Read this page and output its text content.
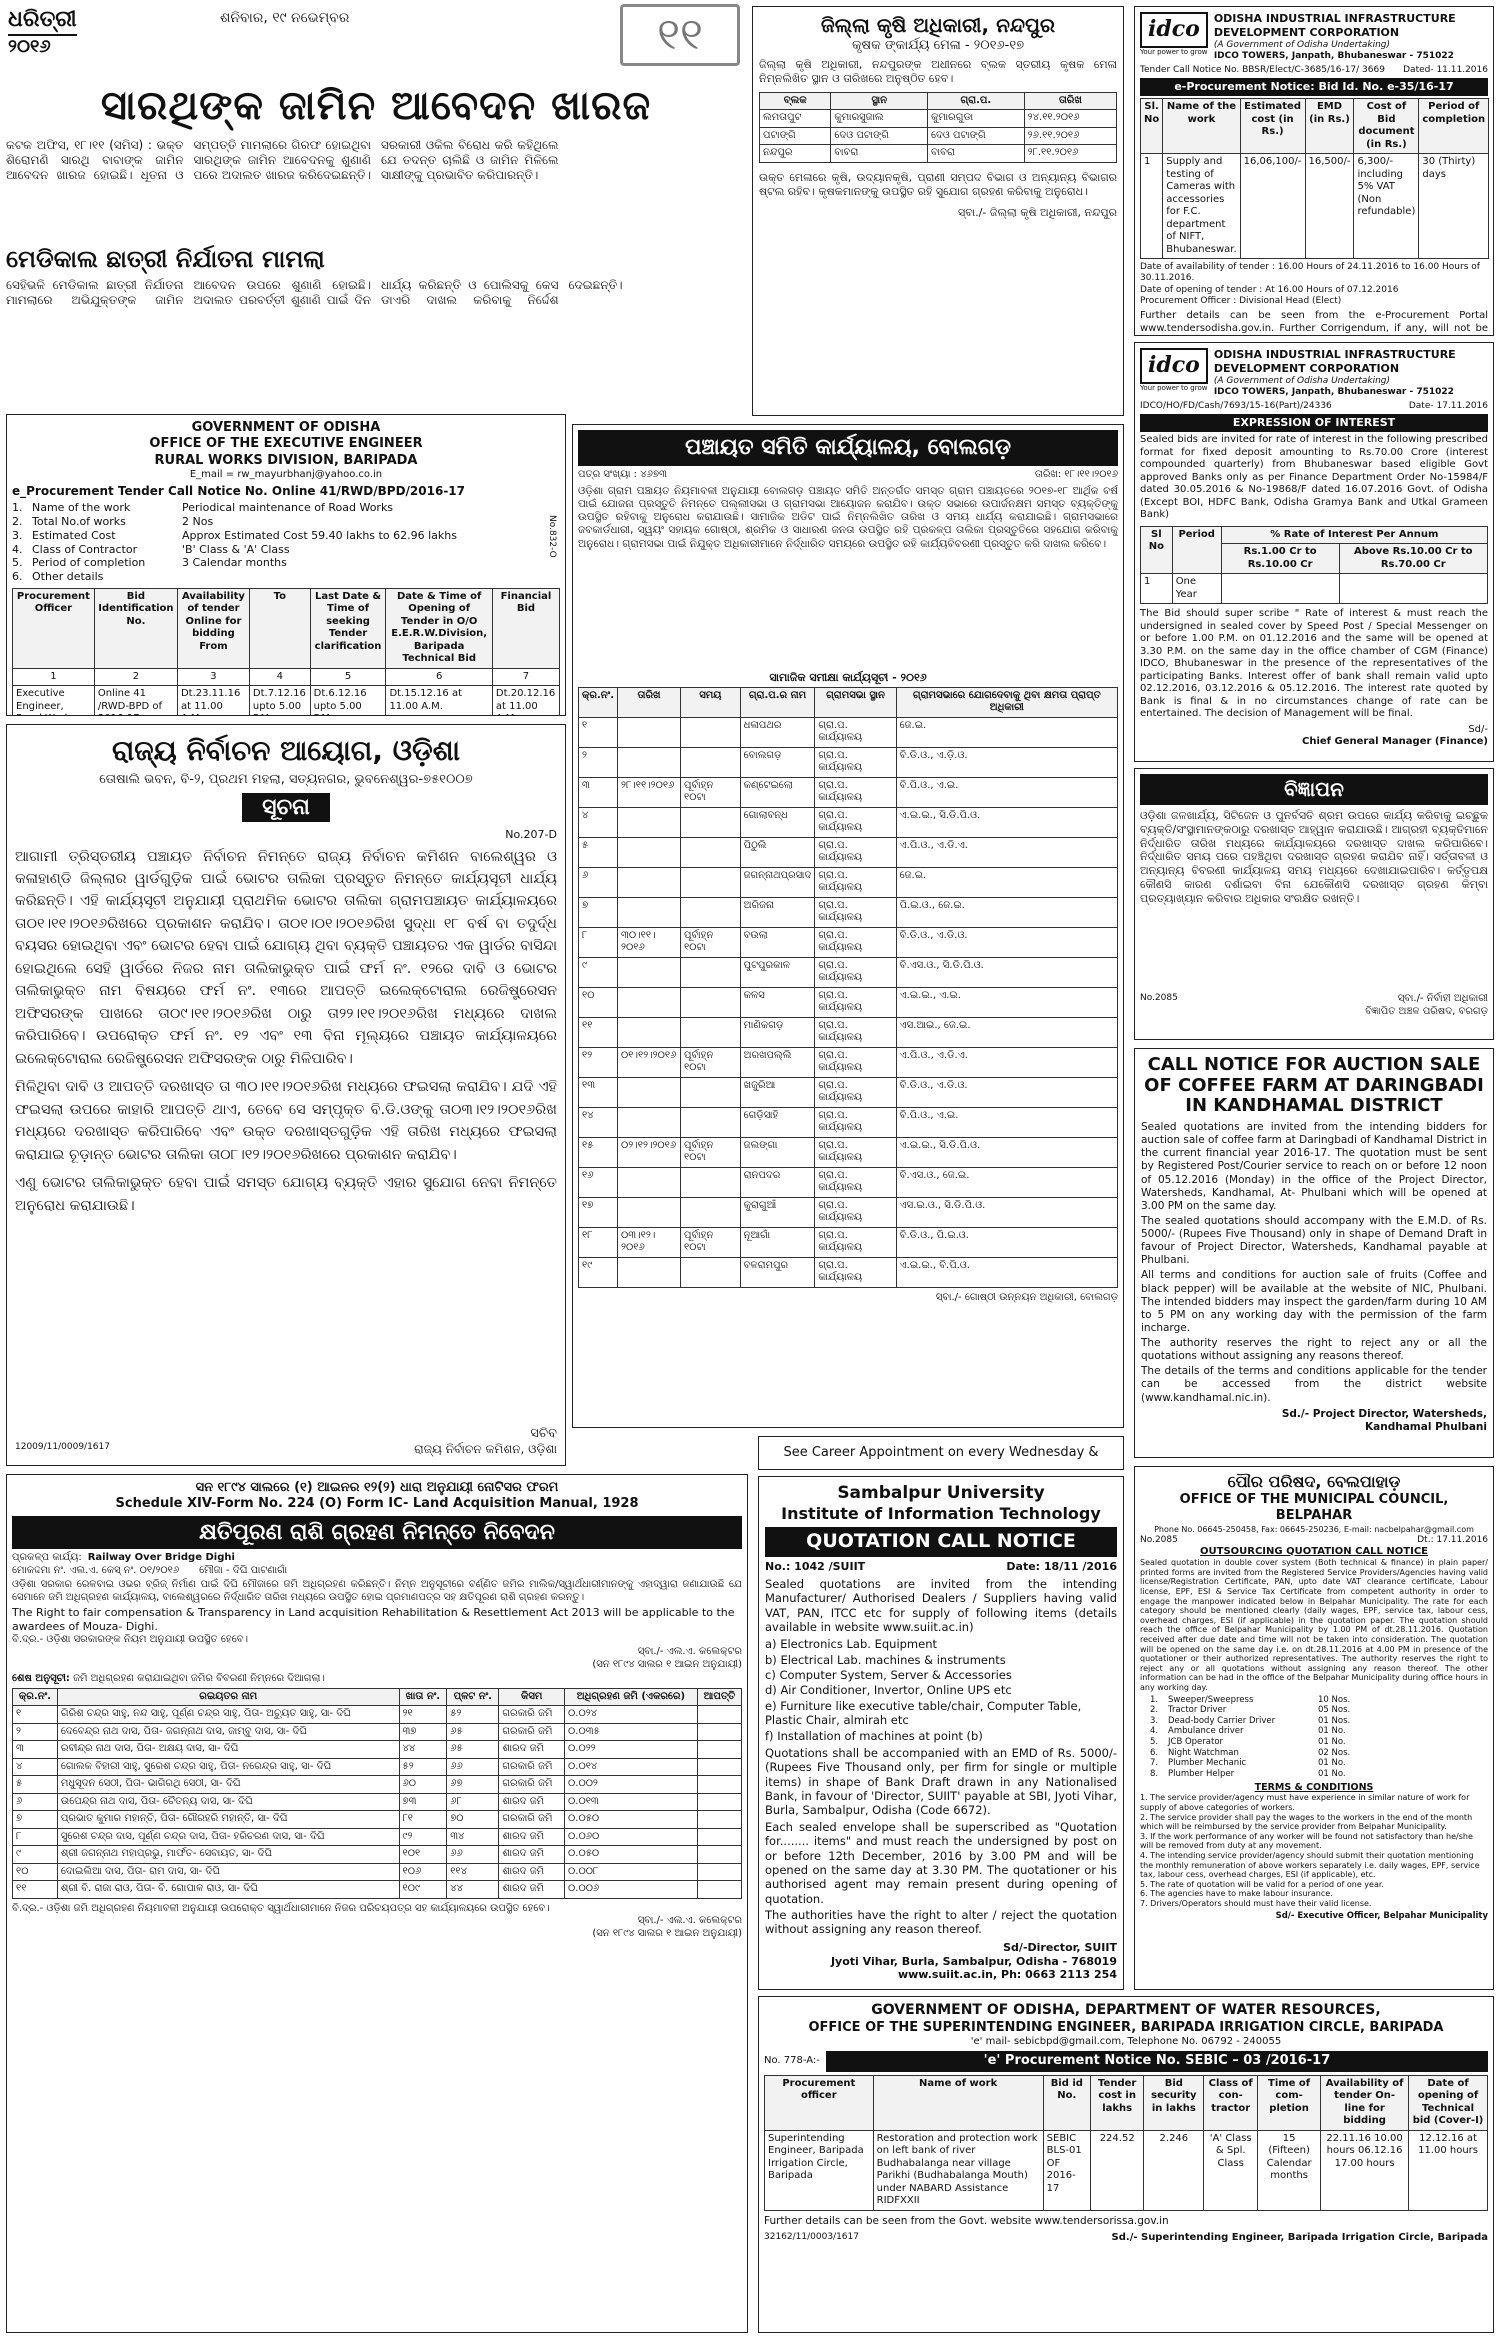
ଧରିତ୍ରୀ
୨୦୧୬
ଶନିବାର, ୧୯ ନଭେମ୍ବର	୧୧
ସାରଥିଙ୍କ ଜାମିନ ଆବେଦନ ଖାରଜ
କଟକ ଅଫିସ, ୧୮।୧୧ (ସମିସ) : ଭକ୍ତ ଶିରୋମଣି ସାରଥି ବାବାଙ୍କ ଜାମିନ ଆବେଦନ ଖାରଜ ହୋଇଛି। ଧୂତନା ଓ ସମ୍ପତ୍ତି ମାମଲାରେ ଗିରଫ ହୋଇଥିବା ସାରଥିଙ୍କ ଜାମିନ ଆବେଦନକୁ ଶୁଣାଣି ପରେ ଅଦାଲତ ଖାରଜ କରିଦେଇଛନ୍ତି। ସରକାରୀ ଓକିଲ ବିରୋଧ କରି କହିଥିଲେ ଯେ ତଦନ୍ତ ଚାଲିଛି ଓ ଜାମିନ ମିଳିଲେ ସାକ୍ଷୀଙ୍କୁ ପ୍ରଭାବିତ କରିପାରନ୍ତି।
ମେଡିକାଲ ଛାତ୍ରୀ ନିର୍ଯାତନା ମାମଲା
ସେହିଭଳି ମେଡିକାଲ ଛାତ୍ରୀ ନିର୍ଯାତନା ମାମଲାରେ ଅଭିଯୁକ୍ତଙ୍କ ଜାମିନ ଆବେଦନ ଉପରେ ଶୁଣାଣି ହୋଇଛି। ଅଦାଲତ ପରବର୍ତ୍ତୀ ଶୁଣାଣି ପାଇଁ ଦିନ ଧାର୍ଯ୍ୟ କରିଛନ୍ତି ଓ ପୋଲିସକୁ କେସ ଡାଏରି ଦାଖଲ କରିବାକୁ ନିର୍ଦ୍ଦେଶ ଦେଇଛନ୍ତି।
ଜିଲ୍ଲା କୃଷି ଅଧିକାରୀ, ନନ୍ଦପୁର
କୃଷକ ଙ୍କାର୍ଯ୍ୟ ମେଳା - ୨୦୧୬-୧୭
ଜିଲ୍ଲା କୃଷି ଅଧିକାରୀ, ନନ୍ଦପୁରଙ୍କ ଅଧୀନରେ ବ୍ଲକ ସ୍ତରୀୟ କୃଷକ ମେଳା ନିମ୍ନଲିଖିତ ସ୍ଥାନ ଓ ତାରିଖରେ ଅନୁଷ୍ଠିତ ହେବ।
ବ୍ଲକ	ସ୍ଥାନ	ଗ୍ରା.ପ.	ତାରିଖ
ଲମତାପୁଟ	କୁମାରସୁଜାଲ	କୁମାରଗୁଡା	୨୪.୧୧.୨୦୧୬
ପଟାଙ୍ଗି	ଦେଓ ପଟାଙ୍ଗି	ଦେଓ ପଟାଙ୍ଗି	୨୬.୧୧.୨୦୧୬
ନନ୍ଦପୁର	ବାବରା	ବାବରା	୨୮.୧୧.୨୦୧୬
ଉକ୍ତ ମେଳାରେ କୃଷି, ଉଦ୍ୟାନକୃଷି, ପ୍ରାଣୀ ସମ୍ପଦ ବିଭାଗ ଓ ଅନ୍ୟାନ୍ୟ ବିଭାଗର ଷ୍ଟଲ ରହିବ। କୃଷକମାନଙ୍କୁ ଉପସ୍ଥିତ ରହି ସୁଯୋଗ ଗ୍ରହଣ କରିବାକୁ ଅନୁରୋଧ।
ସ୍ବା./- ଜିଲ୍ଲା କୃଷି ଅଧିକାରୀ, ନନ୍ଦପୁର
idco
Your power to grow
ODISHA INDUSTRIAL INFRASTRUCTURE DEVELOPMENT CORPORATION
(A Government of Odisha Undertaking)
IDCO TOWERS, Janpath, Bhubaneswar - 751022
Tender Call Notice No. BBSR/Elect/C-3685/16-17/ 3669 Dated- 11.11.2016
e-Procurement Notice: Bid Id. No. e-35/16-17
Sl. No	Name of the work	Estimated cost (in Rs.)	EMD (in Rs.)	Cost of Bid document (in Rs.)	Period of completion
1	Supply and testing of Cameras with accessories for F.C. department of NIFT, Bhubaneswar.	16,06,100/-	16,500/-	6,300/- including 5% VAT (Non refundable)	30 (Thirty) days
Date of availability of tender : 16.00 Hours of 24.11.2016 to 16.00 Hours of 30.11.2016.
Date of opening of tender : At 16.00 Hours of 07.12.2016
Procurement Officer : Divisional Head (Elect)
Further details can be seen from the e-Procurement Portal www.tendersodisha.gov.in. Further Corrigendum, if any, will not be
idco
Your power to grow
ODISHA INDUSTRIAL INFRASTRUCTURE DEVELOPMENT CORPORATION
(A Government of Odisha Undertaking)
IDCO TOWERS, Janpath, Bhubaneswar - 751022
IDCO/HO/FD/Cash/7693/15-16(Part)/24336	Date- 17.11.2016
EXPRESSION OF INTEREST
Sealed bids are invited for rate of interest in the following prescribed format for fixed deposit amounting to Rs.70.00 Crore (interest compounded quarterly) from Bhubaneswar based eligible Govt approved Banks only as per Finance Department Order No-15984/F dated 30.05.2016 & No-19868/F dated 16.07.2016 Govt. of Odisha (Except BOI, HDFC Bank, Odisha Gramya Bank and Utkal Grameen Bank)
Sl No	Period	% Rate of Interest Per Annum	
		Rs.1.00 Cr to Rs.10.00 Cr	Above Rs.10.00 Cr to Rs.70.00 Cr
1	One Year		
The Bid should super scribe " Rate of interest & must reach the undersigned in sealed cover by Speed Post / Special Messenger on or before 1.00 P.M. on 01.12.2016 and the same will be opened at 3.30 P.M. on the same day in the office chamber of CGM (Finance) IDCO, Bhubaneswar in the presence of the representatives of the participating Banks. Interest offer of bank shall remain valid upto 02.12.2016, 03.12.2016 & 05.12.2016. The interest rate quoted by Bank is final & in no circumstances change of rate can be entertained. The decision of Management will be final.
Sd/-
Chief General Manager (Finance)
GOVERNMENT OF ODISHA
OFFICE OF THE EXECUTIVE ENGINEER
RURAL WORKS DIVISION, BARIPADA
E_mail = rw_mayurbhanj@yahoo.co.in
e_Procurement Tender Call Notice No. Online 41/RWD/BPD/2016-17
No.832-O
1. Name of the work	Periodical maintenance of Road Works
2. Total No.of works	2 Nos
3. Estimated Cost	Approx Estimated Cost 59.40 lakhs to 62.96 lakhs
4. Class of Contractor	'B' Class & 'A' Class
5. Period of completion	3 Calendar months
6. Other details
Procurement Officer	Bid Identification No.	Availability of tender Online for bidding From	To	Last Date & Time of seeking Tender clarification	Date & Time of Opening of Tender in O/O E.E.R.W.Division, Baripada Technical Bid	Financial Bid
1	2	3	4	5	6	7
Executive Engineer,	Online 41 /RWD-BPD of	Dt.23.11.16 at 11.00	Dt.7.12.16 upto 5.00	Dt.6.12.16 upto 5.00	Dt.15.12.16 at 11.00 A.M.	Dt.20.12.16 at 11.00
ପଞ୍ଚାୟତ ସମିତି କାର୍ଯ୍ୟାଳୟ, ବୋଲଗଡ଼
ପତ୍ର ସଂଖ୍ୟା : ୪୬୭୩	ତାରିଖ: ୧୮।୧୧।୨୦୧୬
ଓଡ଼ିଶା ଗ୍ରାମ ପଞ୍ଚାୟତ ନିୟମାବଳୀ ଅନୁଯାୟୀ ବୋଲଗଡ଼ ପଞ୍ଚାୟତ ସମିତି ଅନ୍ତର୍ଗତ ସମସ୍ତ ଗ୍ରାମ ପଞ୍ଚାୟତରେ ୨୦୧୭-୧୮ ଆର୍ଥିକ ବର୍ଷ ପାଇଁ ଯୋଜନା ପ୍ରସ୍ତୁତି ନିମନ୍ତେ ପଲ୍ଲୀସଭା ଓ ଗ୍ରାମସଭା ଆୟୋଜନ କରାଯିବ। ଉକ୍ତ ସଭାରେ ଉପାର୍ଜନକ୍ଷମ ସମସ୍ତ ବ୍ୟକ୍ତିଙ୍କୁ ଉପସ୍ଥିତ ରହିବାକୁ ଅନୁରୋଧ କରାଯାଉଛି। ସାମାଜିକ ଅଡିଟ ପାଇଁ ନିମ୍ନଲିଖିତ ତାରିଖ ଓ ସମୟ ଧାର୍ଯ୍ୟ କରାଯାଇଛି। ଗ୍ରାମସଭାରେ ଜବକାର୍ଡଧାରୀ, ସ୍ୱୟଂ ସହାୟକ ଗୋଷ୍ଠୀ, ଶ୍ରମିକ ଓ ସାଧାରଣ ଜନତା ଉପସ୍ଥିତ ରହି ପ୍ରକଳ୍ପ ତାଲିକା ପ୍ରସ୍ତୁତିରେ ସହଯୋଗ କରିବାକୁ ଅନୁରୋଧ। ଗ୍ରାମସଭା ପାଇଁ ନିଯୁକ୍ତ ଅଧିକାରୀମାନେ ନିର୍ଦ୍ଧାରିତ ସମୟରେ ଉପସ୍ଥିତ ରହି କାର୍ଯ୍ୟବିବରଣୀ ପ୍ରସ୍ତୁତ କରି ଦାଖଲ କରିବେ।
ସାମାଜିକ ସମୀକ୍ଷା କାର୍ଯ୍ୟସୂଚୀ - ୨୦୧୬
କ୍ର.ନଂ.	ତାରିଖ	ସମୟ	ଗ୍ରା.ପ.ର ନାମ	ଗ୍ରାମସଭା ସ୍ଥାନ	ଗ୍ରାମସଭାରେ ଯୋଗଦେବାକୁ ଥିବା କ୍ଷମତା ପ୍ରାପ୍ତ ଅଧିକାରୀ
୧			ଧଳାପଥର	ଗ୍ରା.ପ. କାର୍ଯ୍ୟାଳୟ	ଜେ.ଇ.
୨			ବୋଲଗଡ଼	ଗ୍ରା.ପ. କାର୍ଯ୍ୟାଳୟ	ବି.ଡି.ଓ., ଏ.ଡ଼ି.ଓ.
୩	୨୮।୧୧।୨୦୧୬	ପୂର୍ବାହ୍ନ ୧୦ଟା	କଣ୍ଟେଇଲୋ	ଗ୍ରା.ପ. କାର୍ଯ୍ୟାଳୟ	ବି.ପି.ଓ., ଏ.ଇ.
୪			ଗୋଲାବନ୍ଧ	ଗ୍ରା.ପ. କାର୍ଯ୍ୟାଳୟ	ଏ.ଇ.ଇ., ସି.ଡି.ପି.ଓ.
୫			ପିଠୁଲି	ଗ୍ରା.ପ. କାର୍ଯ୍ୟାଳୟ	ଏ.ପି.ଓ., ଏ.ଡି.ଏ.
୬			ଜଗନ୍ନାଥପ୍ରସାଦ	ଗ୍ରା.ପ. କାର୍ଯ୍ୟାଳୟ	ଜେ.ଇ.
୭			ଅରିଜନା	ଗ୍ରା.ପ. କାର୍ଯ୍ୟାଳୟ	ପି.ଇ.ଓ., ଜେ.ଇ.
୮	୩୦।୧୧।୨୦୧୬	ପୂର୍ବାହ୍ନ ୧୦ଟା	ବଉଲା	ଗ୍ରା.ପ. କାର୍ଯ୍ୟାଳୟ	ବି.ଡି.ଓ., ଏ.ଡି.ଓ.
୯			ପୁଟପୁରକାଳ	ଗ୍ରା.ପ. କାର୍ଯ୍ୟାଳୟ	ବି.ଏସ.ଓ., ସି.ଡି.ପି.ଓ.
୧୦			କଳସ	ଗ୍ରା.ପ. କାର୍ଯ୍ୟାଳୟ	ଏ.ଇ.ଇ., ଏ.ଇ.
୧୧			ମାଣିକଗଡ଼	ଗ୍ରା.ପ. କାର୍ଯ୍ୟାଳୟ	ଏସ.ଆଇ., ଜେ.ଇ.
୧୨	୦୧।୧୨।୨୦୧୬	ପୂର୍ବାହ୍ନ ୧୦ଟା	ଅରଖପଲ୍ଲି	ଗ୍ରା.ପ. କାର୍ଯ୍ୟାଳୟ	ଏ.ପି.ଓ., ଏ.ଡି.ଏ.
୧୩			ଖଜୁରିଆ	ଗ୍ରା.ପ. କାର୍ଯ୍ୟାଳୟ	ବି.ଡି.ଓ., ଏ.ଡି.ଓ.
୧୪			ଗେଡ଼ିସାହି	ଗ୍ରା.ପ. କାର୍ଯ୍ୟାଳୟ	ବି.ପି.ଓ., ଏ.ଇ.
୧୫	୦୨।୧୨।୨୦୧୬	ପୂର୍ବାହ୍ନ ୧୦ଟା	ଜଲଙ୍ଗା	ଗ୍ରା.ପ. କାର୍ଯ୍ୟାଳୟ	ଏ.ଇ.ଇ., ସି.ଡି.ପି.ଓ.
୧୬			ରାନପଦର	ଗ୍ରା.ପ. କାର୍ଯ୍ୟାଳୟ	ବି.ଏସ.ଓ., ଜେ.ଇ.
୧୭			କୁରାଗୁଆଁ	ଗ୍ରା.ପ. କାର୍ଯ୍ୟାଳୟ	ଏସ.ଇ.ଓ., ସି.ଡି.ପି.ଓ.
୧୮	୦୩।୧୨।୨୦୧୬	ପୂର୍ବାହ୍ନ ୧୦ଟା	ନୂଆଗାଁ	ଗ୍ରା.ପ. କାର୍ଯ୍ୟାଳୟ	ବି.ଡି.ଓ., ପି.ଇ.ଓ.
୧୯			ବଳରାମପୁର	ଗ୍ରା.ପ. କାର୍ଯ୍ୟାଳୟ	ଏ.ଇ.ଇ., ବି.ପି.ଓ.
ସ୍ବା./- ଗୋଷ୍ଠୀ ଉନ୍ନୟନ ଅଧିକାରୀ, ବୋଲଗଡ଼
ବିଜ୍ଞାପନ
ଓଡ଼ିଶା ଜଳଖାର୍ଯ୍ୟ, ସିଟିଜେନ ଓ ପୁନର୍ବସତି ଶ୍ରମ ଉପରେ କାର୍ଯ୍ୟ କରିବାକୁ ଇଚ୍ଛୁକ ବ୍ୟକ୍ତି/ସଂସ୍ଥାମାନଙ୍କଠାରୁ ଦରଖାସ୍ତ ଆହ୍ୱାନ କରାଯାଉଛି। ଆଗ୍ରହୀ ବ୍ୟକ୍ତିମାନେ ନିର୍ଦ୍ଧାରିତ ତାରିଖ ମଧ୍ୟରେ କାର୍ଯ୍ୟାଳୟରେ ଦରଖାସ୍ତ ଦାଖଲ କରିପାରିବେ। ନିର୍ଦ୍ଧାରିତ ସମୟ ପରେ ପହଞ୍ଚିଥିବା ଦରଖାସ୍ତ ଗ୍ରହଣ କରାଯିବ ନାହିଁ। ସର୍ତ୍ତାବଳୀ ଓ ଅନ୍ୟାନ୍ୟ ବିବରଣୀ କାର୍ଯ୍ୟାଳୟ ସମୟ ମଧ୍ୟରେ ଦେଖାଯାଇପାରିବ। କର୍ତ୍ତୃପକ୍ଷ କୌଣସି କାରଣ ଦର୍ଶାଇବା ବିନା ଯେକୌଣସି ଦରଖାସ୍ତ ଗ୍ରହଣ କିମ୍ବା ପ୍ରତ୍ୟାଖ୍ୟାନ କରିବାର ଅଧିକାର ସଂରକ୍ଷିତ ରଖନ୍ତି।
No.2085	ସ୍ବା./- ନିର୍ବାହୀ ଅଧିକାରୀ
ବିଜ୍ଞାପିତ ଅଞ୍ଚଳ ପରିଷଦ, ବରଗଡ଼
ରାଜ୍ୟ ନିର୍ବାଚନ ଆୟୋଗ, ଓଡ଼ିଶା
ତୋଷାଲି ଭବନ, ବି-୨, ପ୍ରଥମ ମହଲା, ସତ୍ୟନଗର, ଭୁବନେଶ୍ୱର-୭୫୧୦୦୭
ସୂଚନା
No.207-D
ଆଗାମୀ ତ୍ରିସ୍ତରୀୟ ପଞ୍ଚାୟତ ନିର୍ବାଚନ ନିମନ୍ତେ ରାଜ୍ୟ ନିର୍ବାଚନ କମିଶନ ବାଲେଶ୍ୱର ଓ କଳାହାଣ୍ଡି ଜିଲ୍ଲାର ୱାର୍ଡଗୁଡ଼ିକ ପାଇଁ ଭୋଟର ତାଲିକା ପ୍ରସ୍ତୁତ ନିମନ୍ତେ କାର୍ଯ୍ୟସୂଚୀ ଧାର୍ଯ୍ୟ କରିଛନ୍ତି। ଏହି କାର୍ଯ୍ୟସୂଚୀ ଅନୁଯାୟୀ ପ୍ରାଥମିକ ଭୋଟର ତାଲିକା ଗ୍ରାମପଞ୍ଚାୟତ କାର୍ଯ୍ୟାଳୟରେ ତା୦୧।୧୧।୨୦୧୬ରିଖରେ ପ୍ରକାଶନ କରାଯିବ। ତା୦୧।୦୧।୨୦୧୬ରିଖ ସୁଦ୍ଧା ୧୮ ବର୍ଷ ବା ତଦୁର୍ଦ୍ଧ ବୟସର ହୋଇଥିବା ଏବଂ ଭୋଟର ହେବା ପାଇଁ ଯୋଗ୍ୟ ଥିବା ବ୍ୟକ୍ତି ପଞ୍ଚାୟତର ଏକ ୱାର୍ଡର ବାସିନ୍ଦା ହୋଇଥିଲେ ସେହି ୱାର୍ଡରେ ନିଜର ନାମ ତାଲିକାଭୁକ୍ତ ପାଇଁ ଫର୍ମ ନଂ. ୧୨ରେ ଦାବି ଓ ଭୋଟର ତାଲିକାଭୁକ୍ତ ନାମ ବିଷୟରେ ଫର୍ମ ନଂ. ୧୩ରେ ଆପତ୍ତି ଇଲେକ୍ଟୋରାଲ ରେଜିଷ୍ଟ୍ରେସନ ଅଫିସରଙ୍କ ପାଖରେ ତା୦୯।୧୧।୨୦୧୬ରିଖ ଠାରୁ ତା୨୨।୧୧।୨୦୧୬ରିଖ ମଧ୍ୟରେ ଦାଖଲ କରିପାରିବେ। ଉପରୋକ୍ତ ଫର୍ମ ନଂ. ୧୨ ଏବଂ ୧୩ ବିନା ମୂଲ୍ୟରେ ପଞ୍ଚାୟତ କାର୍ଯ୍ୟାଳୟରେ ଇଲେକ୍ଟୋରାଲ ରେଜିଷ୍ଟ୍ରେସନ ଅଫିସରଙ୍କ ଠାରୁ ମିଳିପାରିବ।
ମିଳିଥିବା ଦାବି ଓ ଆପତ୍ତି ଦରଖାସ୍ତ ତା ୩୦।୧୧।୨୦୧୬ରିଖ ମଧ୍ୟରେ ଫଇସଲା କରାଯିବ। ଯଦି ଏହି ଫଇସଲା ଉପରେ କାହାରି ଆପତ୍ତି ଥାଏ, ତେବେ ସେ ସମ୍ପୃକ୍ତ ବି.ଡି.ଓଙ୍କୁ ତା୦୩।୧୨।୨୦୧୬ରିଖ ମଧ୍ୟରେ ଦରଖାସ୍ତ କରିପାରିବେ ଏବଂ ଉକ୍ତ ଦରଖାସ୍ତଗୁଡ଼ିକ ଏହି ତାରିଖ ମଧ୍ୟରେ ଫଇସଲା କରାଯାଇ ଚୂଡ଼ାନ୍ତ ଭୋଟର ତାଲିକା ତା୦୮।୧୨।୨୦୧୬ରିଖରେ ପ୍ରକାଶନ କରାଯିବ।
ଏଣୁ ଭୋଟର ତାଲିକାଭୁକ୍ତ ହେବା ପାଇଁ ସମସ୍ତ ଯୋଗ୍ୟ ବ୍ୟକ୍ତି ଏହାର ସୁଯୋଗ ନେବା ନିମନ୍ତେ ଅନୁରୋଧ କରାଯାଉଛି।
ସଚିବ
12009/11/0009/1617	ରାଜ୍ୟ ନିର୍ବାଚନ କମିଶନ, ଓଡ଼ିଶା
CALL NOTICE FOR AUCTION SALE OF COFFEE FARM AT DARINGBADI IN KANDHAMAL DISTRICT
Sealed quotations are invited from the intending bidders for auction sale of coffee farm at Daringbadi of Kandhamal District in the current financial year 2016-17. The quotation must be sent by Registered Post/Courier service to reach on or before 12 noon of 05.12.2016 (Monday) in the office of the Project Director, Watersheds, Kandhamal, At- Phulbani which will be opened at 3.00 PM on the same day.
The sealed quotations should accompany with the E.M.D. of Rs. 5000/- (Rupees Five Thousand) only in shape of Demand Draft in favour of Project Director, Watersheds, Kandhamal payable at Phulbani.
All terms and conditions for auction sale of fruits (Coffee and black pepper) will be available at the website of NIC, Phulbani. The intended bidders may inspect the garden/farm during 10 AM to 5 PM on any working day with the permission of the farm incharge.
The authority reserves the right to reject any or all the quotations without assigning any reasons thereof.
The details of the terms and conditions applicable for the tender can be accessed from the district website (www.kandhamal.nic.in).
Sd./- Project Director, Watersheds,
Kandhamal Phulbani
ସନ ୧୮୯୪ ସାଲରେ (୧) ଆଇନର ୧୨(୨) ଧାରା ଅନୁଯାୟୀ ନୋଟିସର ଫରମ
Schedule XIV-Form No. 224 (O) Form IC- Land Acquisition Manual, 1928
କ୍ଷତିପୂରଣ ରାଶି ଗ୍ରହଣ ନିମନ୍ତେ ନିବେଦନ
ପ୍ରକଳ୍ପ କାର୍ଯ୍ୟ: Railway Over Bridge Dighi
ମୋକଦ୍ଦମା ନଂ. ଏଲ.ଏ. କେସ୍ ନଂ. ୦୧/୨୦୧୬ ମୌଜା - ଦିଘି ପାଟଣାଗାଁ
ଓଡ଼ିଶା ସରକାର ରେଳବାଇ ଓଭର ବ୍ରିଜ୍ ନିର୍ମାଣ ପାଇଁ ଦିଘି ମୌଜାରେ ଜମି ଅଧିଗ୍ରହଣ କରିଛନ୍ତି। ନିମ୍ନ ଅନୁସୂଚୀରେ ବର୍ଣ୍ଣିତ ଜମିର ମାଲିକ/ସ୍ୱାର୍ଥଧାରୀମାନଙ୍କୁ ଏହାଦ୍ୱାରା ଜଣାଯାଉଛି ଯେ ସେମାନେ ଜମି ଅଧିଗ୍ରହଣ କାର୍ଯ୍ୟାଳୟ, ବାଲେଶ୍ୱରରେ ନିର୍ଦ୍ଧାରିତ ତାରିଖ ମଧ୍ୟରେ ଉପସ୍ଥିତ ହୋଇ ପ୍ରମାଣପତ୍ର ସହ କ୍ଷତିପୂରଣ ରାଶି ଗ୍ରହଣ କରନ୍ତୁ।
The Right to fair compensation & Transparency in Land acquisition Rehabilitation & Resettlement Act 2013 will be applicable to the awardees of Mouza- Dighi.
ବି.ଦ୍ର.- ଓଡ଼ିଶା ସରକାରଙ୍କ ନିୟମ ଅନୁଯାୟୀ ଉପସ୍ଥିତ ହେବେ।
ସ୍ବା./- ଏଲ.ଏ. କଲେକ୍ଟର
(ସନ ୧୮୯୪ ସାଲର ୧ ଆଇନ ଅନୁଯାୟୀ)
ଶେଷ ଅନୁସୂଚୀ: ଜମି ଅଧିଗ୍ରହଣ କରାଯାଇଥିବା ଜମିର ବିବରଣୀ ନିମ୍ନରେ ଦିଆଗଲା।
କ୍ର.ନଂ.	ରଇୟତର ନାମ	ଖାତା ନଂ.	ପ୍ଳଟ ନଂ.	କିସମ	ଅଧିଗ୍ରହଣ ଜମି (ଏକରରେ)	ଆପତ୍ତି
୧	ଗିରିଶ ଚନ୍ଦ୍ର ସାହୁ, ନନ୍ଦ ସାହୁ, ପୂର୍ଣ୍ଣ ଚନ୍ଦ୍ର ସାହୁ, ପିତା- ଅଚ୍ୟୁତ ସାହୁ, ସା- ଦିଘି	୨୧	୫୨	ଗରକାରି ଜମି	୦.୦୨୪	
୨	ଦେବେନ୍ଦ୍ର ନାଥ ଦାସ, ପିତା- ଜଗନ୍ନାଥ ଦାସ, ଜାମ୍ବୁ ଦାସ, ସା- ଦିଘି	୩୭	୬୫	ଗରକାରି ଜମି	୦.୦୩୫	
୩	ରବୀନ୍ଦ୍ର ନାଥ ଦାସ, ପିତା- ଅକ୍ଷୟ ଦାସ, ସା- ଦିଘି	୪୪	୬୫	ଶାରଦ ଜମି	୦.୦୨୨	
୪	ଗୋଲକ ବିହାରୀ ସାହୁ, ସୁରେଶ ଚନ୍ଦ୍ର ସାହୁ, ପିତା- ନରେନ୍ଦ୍ର ସାହୁ, ସା- ଦିଘି	୫୨	୬୬	ଗରକାରି ଜମି	୦.୦୧୪	
୫	ମଧୁସୂଦନ ସେଠୀ, ପିତା- ଭାଗିରଥି ସେଠୀ, ସା- ଦିଘି	୬୦	୬୭	ଗରକାରି ଜମି	୦.୦୦୨	
୬	ଉପେନ୍ଦ୍ର ନାଥ ଦାସ, ପିତା- ଚୈତନ୍ୟ ଦାସ, ସା- ଦିଘି	୭୩	୬୮	ଶାରଦ ଜମି	୦.୦୧୩	
୭	ପ୍ରଭାତ କୁମାର ମହାନ୍ତି, ପିତା- ଗୌରହରି ମହାନ୍ତି, ସା- ଦିଘି	୮୧	୭୦	ଗରକାରି ଜମି	୦.୦୫୦	
୮	ସୁରେଶ ଚନ୍ଦ୍ର ଦାସ, ପୂର୍ଣ୍ଣ ଚନ୍ଦ୍ର ଦାସ, ପିତା- ହରିଚରଣ ଦାସ, ସା- ଦିଘି	୯୨	୩୪	ଶାରଦ ଜମି	୦.୦୬୦	
୯	ଶ୍ରୀ ଜଗନ୍ନାଥ ମହାପ୍ରଭୁ, ମାର୍ଫତ- ସେବାୟତ, ସା- ଦିଘି	୧୦୧	୬୬	ଶାରଦ ଜମି	୦.୦୫୦	
୧୦	ଦୋଇଲିଆ ଦାସ, ପିତା- ରାମ ଦାସ, ସା- ଦିଘି	୧୦୬	୧୧୪	ଶାରଦ ଜମି	୦.୦୦୮	
୧୧	ଶ୍ରୀ ବି. ରାଜା ରାଓ, ପିତା- ବି. ଗୋପାଳ ରାଓ, ସା- ଦିଘି	୧୦୯	୪୪	ଶାରଦ ଜମି	୦.୦୦୬	
ବି.ଦ୍ର.- ଓଡ଼ିଶା ଜମି ଅଧିଗ୍ରହଣ ନିୟମାବଳୀ ଅନୁଯାୟୀ ଉପରୋକ୍ତ ସ୍ୱାର୍ଥଧାରୀମାନେ ନିଜର ପରିଚୟପତ୍ର ସହ କାର୍ଯ୍ୟାଳୟରେ ଉପସ୍ଥିତ ହେବେ।
ସ୍ବା./- ଏଲ.ଏ. କଲେକ୍ଟର
(ସନ ୧୮୯୪ ସାଲର ୧ ଆଇନ ଅନୁଯାୟୀ)
See Career Appointment on every Wednesday &
Sambalpur University
Institute of Information Technology
QUOTATION CALL NOTICE
No.: 1042 /SUIIT	Date: 18/11 /2016
Sealed quotations are invited from the intending Manufacturer/ Authorised Dealers / Suppliers having valid VAT, PAN, ITCC etc for supply of following items (details available in website www.suiit.ac.in)
a) Electronics Lab. Equipment
b) Electrical Lab. machines & instruments
c) Computer System, Server & Accessories
d) Air Conditioner, Invertor, Online UPS etc
e) Furniture like executive table/chair, Computer Table, Plastic Chair, almirah etc
f) Installation of machines at point (b)
Quotations shall be accompanied with an EMD of Rs. 5000/-(Rupees Five Thousand only, per firm for single or multiple items) in shape of Bank Draft drawn in any Nationalised Bank, in favour of 'Director, SUIIT' payable at SBI, Jyoti Vihar, Burla, Sambalpur, Odisha (Code 6672).
Each sealed envelope shall be superscribed as "Quotation for........ items" and must reach the undersigned by post on or before 12th December, 2016 by 3.00 PM and will be opened on the same day at 3.30 PM. The quotationer or his authorised agent may remain present during opening of quotation.
The authorities have the right to alter / reject the quotation without assigning any reason thereof.
Sd/-Director, SUIIT
Jyoti Vihar, Burla, Sambalpur, Odisha - 768019
www.suiit.ac.in, Ph: 0663 2113 254
ପୌର ପରିଷଦ, ବେଲପାହାଡ଼
OFFICE OF THE MUNICIPAL COUNCIL, BELPAHAR
Phone No. 06645-250458, Fax: 06645-250236, E-mail: nacbelpahar@gmail.com
No.2085	Dt.: 17.11.2016
OUTSOURCING QUOTATION CALL NOTICE
Sealed quotation in double cover system (Both technical & finance) in plain paper/ printed forms are invited from the Registered Service Providers/Agencies having valid license/Registration Certificate, PAN, upto date VAT clearance certificate, Labour license, EPF, ESI & Service Tax Certificate from competent authority in order to engage the manpower indicated below in Belpahar Municipality. The rate for each category should be mentioned clearly (daily wages, EPF, service tax, labour cess, overhead charges, ESI (if applicable) in the quotation paper. The quotation should reach the office of Belpahar Municipality by 1.00 PM of dt.28.11.2016. Quotation received after due date and time will not be taken into consideration. The quotation will be opened on the same day i.e. on dt.28.11.2016 at 4.00 PM in presence of the quotationer or their authorized representatives. The authority reserves the right to reject any or all quotations without assigning any reason thereof. The other information can be had in the office of the Belpahar Municipality during office hours in any working day.
1.	Sweeper/Sweepress	10 Nos.
2.	Tractor Driver	05 Nos.
3.	Dead-body Carrier Driver	01 Nos.
4.	Ambulance driver	01 No.
5.	JCB Operator	01 No.
6.	Night Watchman	02 Nos.
7.	Plumber Mechanic	01 No.
8.	Plumber Helper	01 No.
TERMS & CONDITIONS
1. The service provider/agency must have experience in similar nature of work for supply of above categories of workers.
2. The service provider shall pay the wages to the workers in the end of the month which will be reimbursed by the service provider from Belpahar Municipality.
3. If the work performance of any worker will be found not satisfactory than he/she will be removed from duty at any movement.
4. The intending service provider/agency should submit their quotation mentioning the monthly remuneration of above workers separately i.e. daily wages, EPF, service tax, labour cess, overhead charges, ESI (if applicable), etc.
5. The rate of quotation will be valid for a period of one year.
6. The agencies have to make labour insurance.
7. Drivers/Operators should must have their valid license.
Sd/- Executive Officer, Belpahar Municipality
GOVERNMENT OF ODISHA, DEPARTMENT OF WATER RESOURCES,
OFFICE OF THE SUPERINTENDING ENGINEER, BARIPADA IRRIGATION CIRCLE, BARIPADA
'e' mail- sebicbpd@gmail.com, Telephone No. 06792 - 240055
No. 778-A:-	'e' Procurement Notice No. SEBIC – 03 /2016-17
Procurement officer	Name of work	Bid id No.	Tender cost in lakhs	Bid security in lakhs	Class of con-tractor	Time of com-pletion	Availability of tender On-line for bidding	Date of opening of Technical bid (Cover-I)
Superintending Engineer, Baripada Irrigation Circle, Baripada	Restoration and protection work on left bank of river Budhabalanga near village Parikhi (Budhabalanga Mouth) under NABARD Assistance RIDFXXII	SEBIC BLS-01 OF 2016-17	224.52	2.246	'A' Class & Spl. Class	15 (Fifteen) Calendar months	22.11.16 10.00 hours 06.12.16 17.00 hours	12.12.16 at 11.00 hours
Further details can be seen from the Govt. website www.tendersorissa.gov.in
32162/11/0003/1617	Sd./- Superintending Engineer, Baripada Irrigation Circle, Baripada
